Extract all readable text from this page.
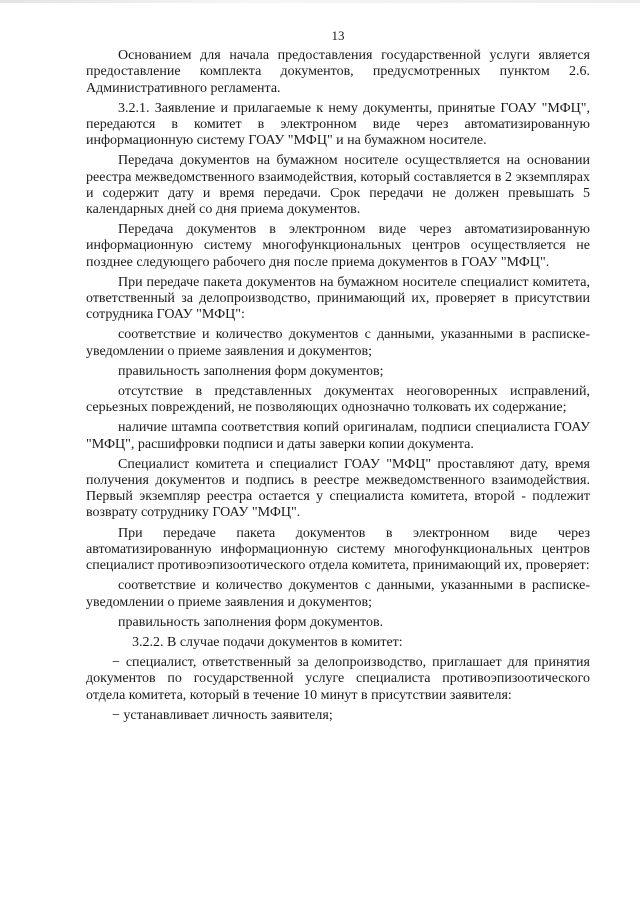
13

Основанием для начала предоставления государственной услуги является предоставление комплекта документов, предусмотренных пунктом 2.6. Административного регламента.

3.2.1. Заявление и прилагаемые к нему документы, принятые ГОАУ "МФЦ", передаются в комитет в электронном виде через автоматизированную информационную систему ГОАУ "МФЦ" и на бумажном носителе.

Передача документов на бумажном носителе осуществляется на основании реестра межведомственного взаимодействия, который составляется в 2 экземплярах и содержит дату и время передачи. Срок передачи не должен превышать 5 календарных дней со дня приема документов.

Передача документов в электронном виде через автоматизированную информационную систему многофункциональных центров осуществляется не позднее следующего рабочего дня после приема документов в ГОАУ "МФЦ".

При передаче пакета документов на бумажном носителе специалист комитета, ответственный за делопроизводство, принимающий их, проверяет в присутствии сотрудника ГОАУ "МФЦ":

соответствие и количество документов с данными, указанными в расписке-уведомлении о приеме заявления и документов;

правильность заполнения форм документов;

отсутствие в представленных документах неоговоренных исправлений, серьезных повреждений, не позволяющих однозначно толковать их содержание;

наличие штампа соответствия копий оригиналам, подписи специалиста ГОАУ "МФЦ", расшифровки подписи и даты заверки копии документа.

Специалист комитета и специалист ГОАУ "МФЦ" проставляют дату, время получения документов и подпись в реестре межведомственного взаимодействия. Первый экземпляр реестра остается у специалиста комитета, второй - подлежит возврату сотруднику ГОАУ "МФЦ".

При передаче пакета документов в электронном виде через автоматизированную информационную систему многофункциональных центров специалист противоэпизоотического отдела комитета, принимающий их, проверяет:

соответствие и количество документов с данными, указанными в расписке-уведомлении о приеме заявления и документов;

правильность заполнения форм документов.

3.2.2. В случае подачи документов в комитет:

− специалист, ответственный за делопроизводство, приглашает для принятия документов по государственной услуге специалиста противоэпизоотического отдела комитета, который в течение 10 минут в присутствии заявителя:

− устанавливает личность заявителя;
